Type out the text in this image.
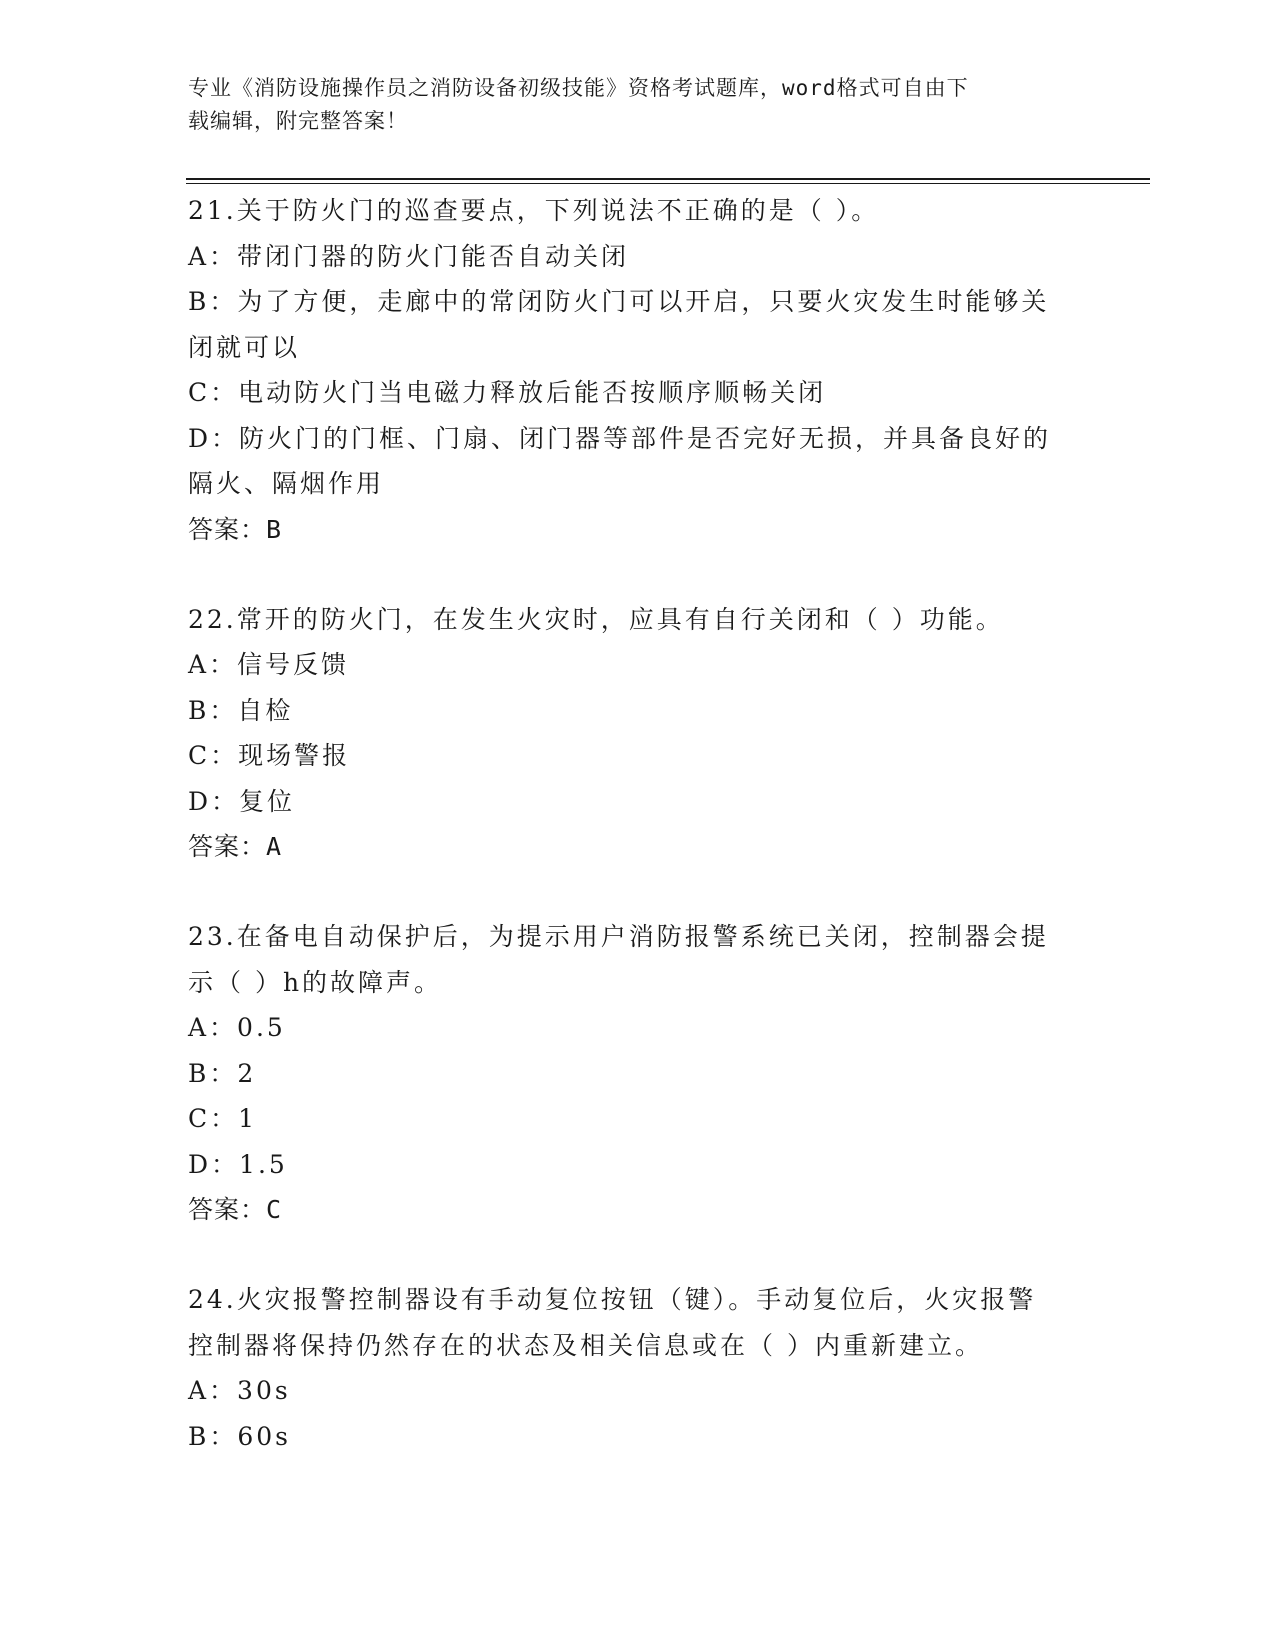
专业《消防设施操作员之消防设备初级技能》资格考试题库，word格式可自由下
载编辑，附完整答案！
21.关于防火门的巡查要点，下列说法不正确的是（ ）。
A：带闭门器的防火门能否自动关闭
B：为了方便，走廊中的常闭防火门可以开启，只要火灾发生时能够关
闭就可以
C：电动防火门当电磁力释放后能否按顺序顺畅关闭
D：防火门的门框、门扇、闭门器等部件是否完好无损，并具备良好的
隔火、隔烟作用
答案：B
22.常开的防火门，在发生火灾时，应具有自行关闭和（ ）功能。
A：信号反馈
B：自检
C：现场警报
D：复位
答案：A
23.在备电自动保护后，为提示用户消防报警系统已关闭，控制器会提
示（ ）h的故障声。
A：0.5
B：2
C：1
D：1.5
答案：C
24.火灾报警控制器设有手动复位按钮（键）。手动复位后，火灾报警
控制器将保持仍然存在的状态及相关信息或在（ ）内重新建立。
A：30s
B：60s
